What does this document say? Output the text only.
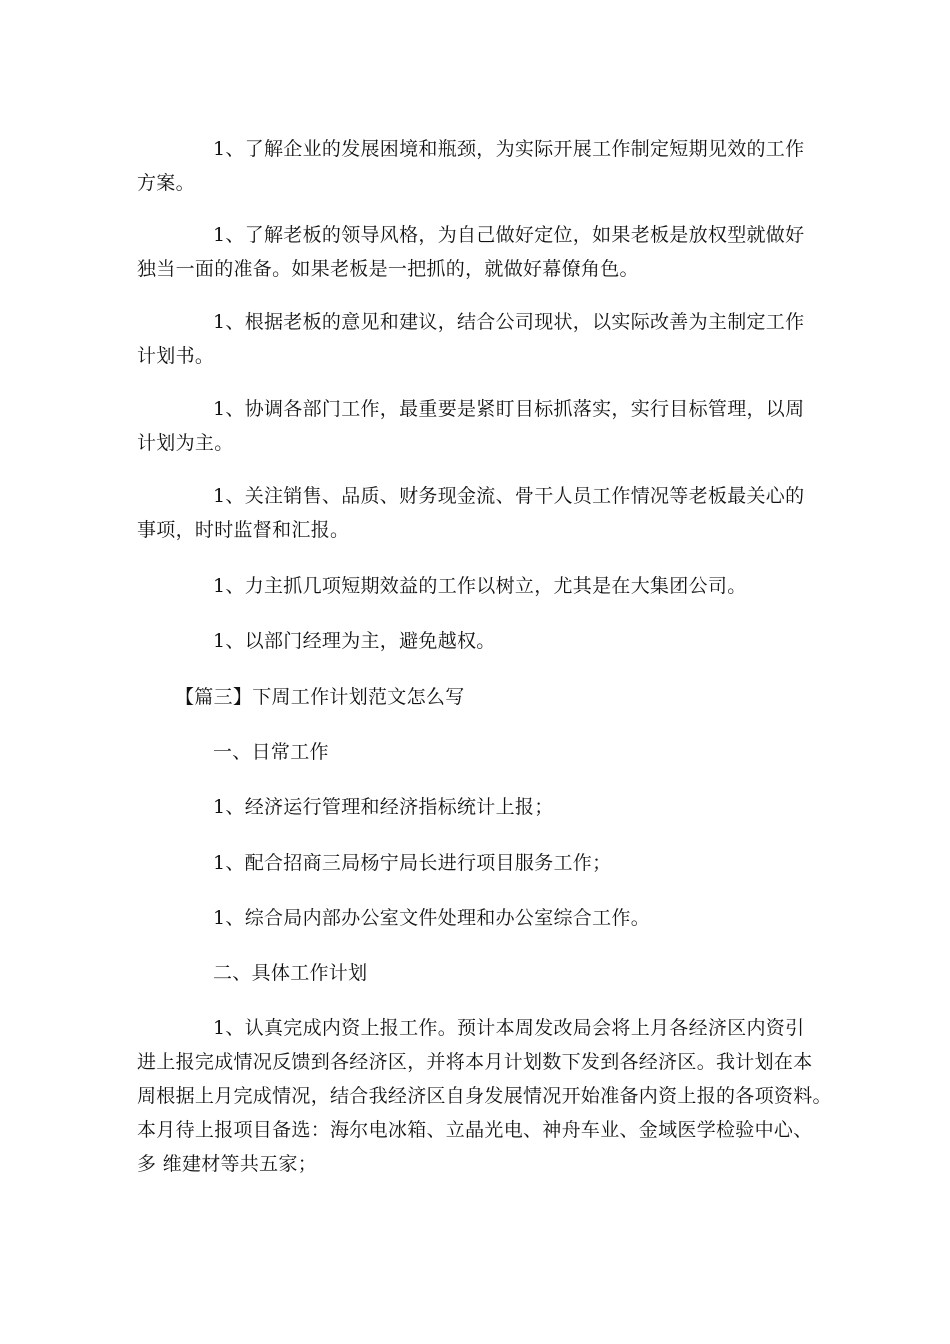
1、了解企业的发展困境和瓶颈，为实际开展工作制定短期见效的工作
方案。

1、了解老板的领导风格，为自己做好定位，如果老板是放权型就做好
独当一面的准备。如果老板是一把抓的，就做好幕僚角色。

1、根据老板的意见和建议，结合公司现状，以实际改善为主制定工作
计划书。

1、协调各部门工作，最重要是紧盯目标抓落实，实行目标管理，以周
计划为主。

1、关注销售、品质、财务现金流、骨干人员工作情况等老板最关心的
事项，时时监督和汇报。

1、力主抓几项短期效益的工作以树立，尤其是在大集团公司。

1、以部门经理为主，避免越权。

【篇三】下周工作计划范文怎么写

一、日常工作

1、经济运行管理和经济指标统计上报；

1、配合招商三局杨宁局长进行项目服务工作；

1、综合局内部办公室文件处理和办公室综合工作。

二、具体工作计划

1、认真完成内资上报工作。预计本周发改局会将上月各经济区内资引
进上报完成情况反馈到各经济区，并将本月计划数下发到各经济区。我计划在本
周根据上月完成情况，结合我经济区自身发展情况开始准备内资上报的各项资料。
本月待上报项目备选：海尔电冰箱、立晶光电、神舟车业、金域医学检验中心、
多 维建材等共五家；
